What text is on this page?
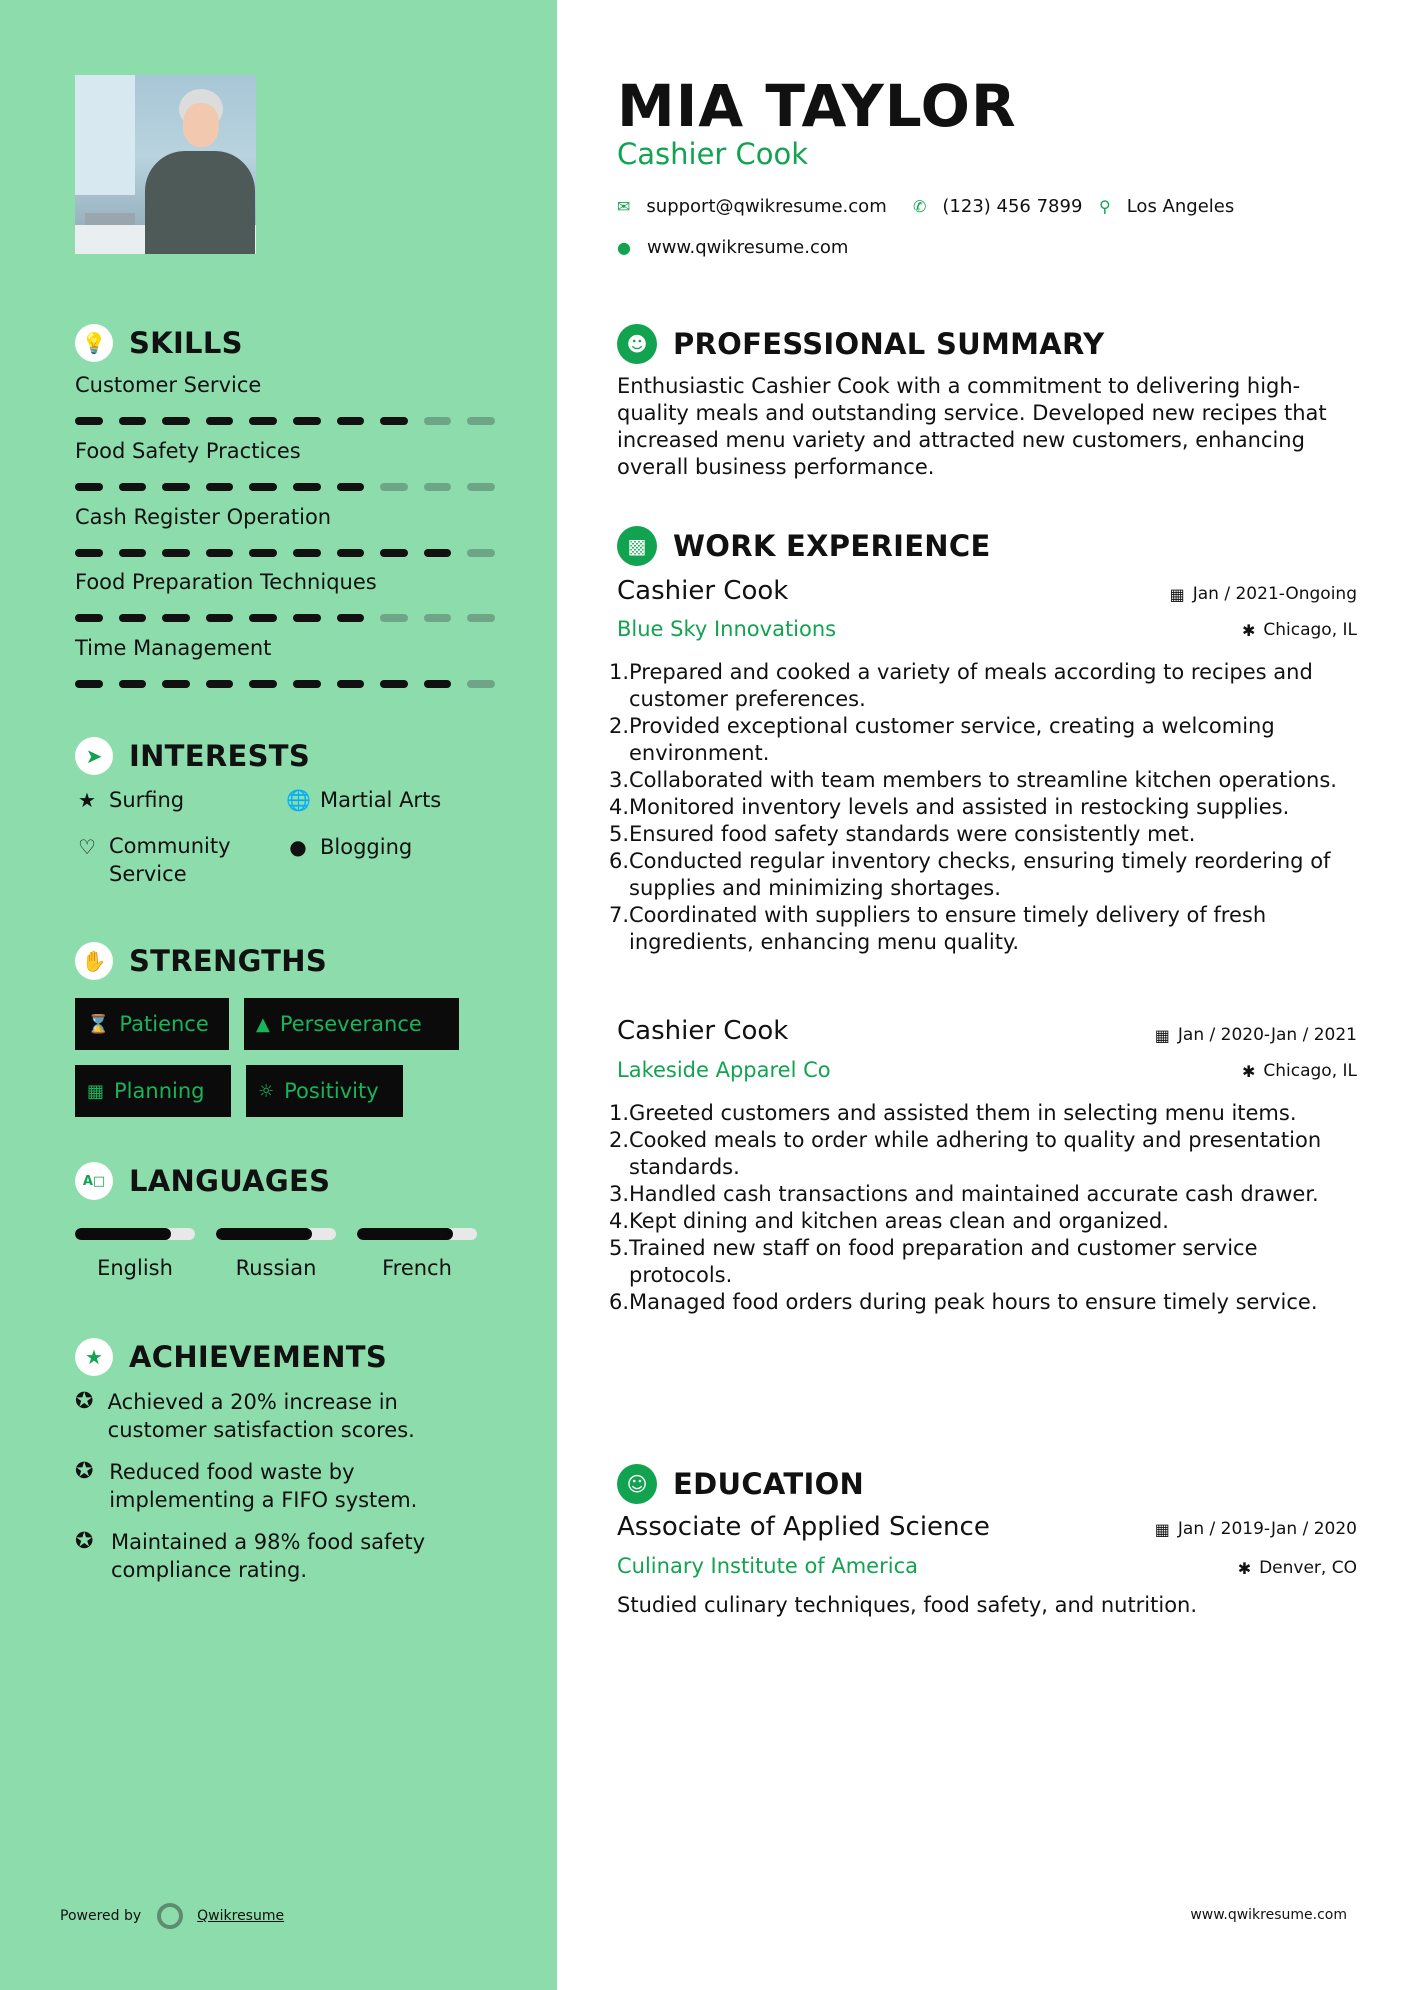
💡 SKILLS
Customer Service
Food Safety Practices
Cash Register Operation
Food Preparation Techniques
Time Management
➤ INTERESTS
★ Surfing	🌐 Martial Arts
♡ Community Service
● Blogging
✋ STRENGTHS
⌛ Patience	▲ Perseverance
▦ Planning	☼ Positivity
A□ LANGUAGES
English	Russian	French
★ ACHIEVEMENTS
✪ Achieved a 20% increase in customer satisfaction scores.
✪ Reduced food waste by implementing a FIFO system.
✪ Maintained a 98% food safety compliance rating.
Powered by	Qwikresume
MIA TAYLOR
Cashier Cook
✉ support@qwikresume.com ✆ (123) 456 7899 ⚲ Los Angeles
● www.qwikresume.com
☻ PROFESSIONAL SUMMARY
Enthusiastic Cashier Cook with a commitment to delivering high-quality meals and outstanding service. Developed new recipes that increased menu variety and attracted new customers, enhancing overall business performance.
▩ WORK EXPERIENCE
Cashier Cook	▦ Jan / 2021-Ongoing
Blue Sky Innovations	✱ Chicago, IL
1. Prepared and cooked a variety of meals according to recipes and customer preferences.
2. Provided exceptional customer service, creating a welcoming environment.
3. Collaborated with team members to streamline kitchen operations.
4. Monitored inventory levels and assisted in restocking supplies.
5. Ensured food safety standards were consistently met.
6. Conducted regular inventory checks, ensuring timely reordering of supplies and minimizing shortages.
7. Coordinated with suppliers to ensure timely delivery of fresh ingredients, enhancing menu quality.
Cashier Cook	▦ Jan / 2020-Jan / 2021
Lakeside Apparel Co	✱ Chicago, IL
1. Greeted customers and assisted them in selecting menu items.
2. Cooked meals to order while adhering to quality and presentation standards.
3. Handled cash transactions and maintained accurate cash drawer.
4. Kept dining and kitchen areas clean and organized.
5. Trained new staff on food preparation and customer service protocols.
6. Managed food orders during peak hours to ensure timely service.
☺ EDUCATION
Associate of Applied Science	▦ Jan / 2019-Jan / 2020
Culinary Institute of America	✱ Denver, CO
Studied culinary techniques, food safety, and nutrition.
www.qwikresume.com
